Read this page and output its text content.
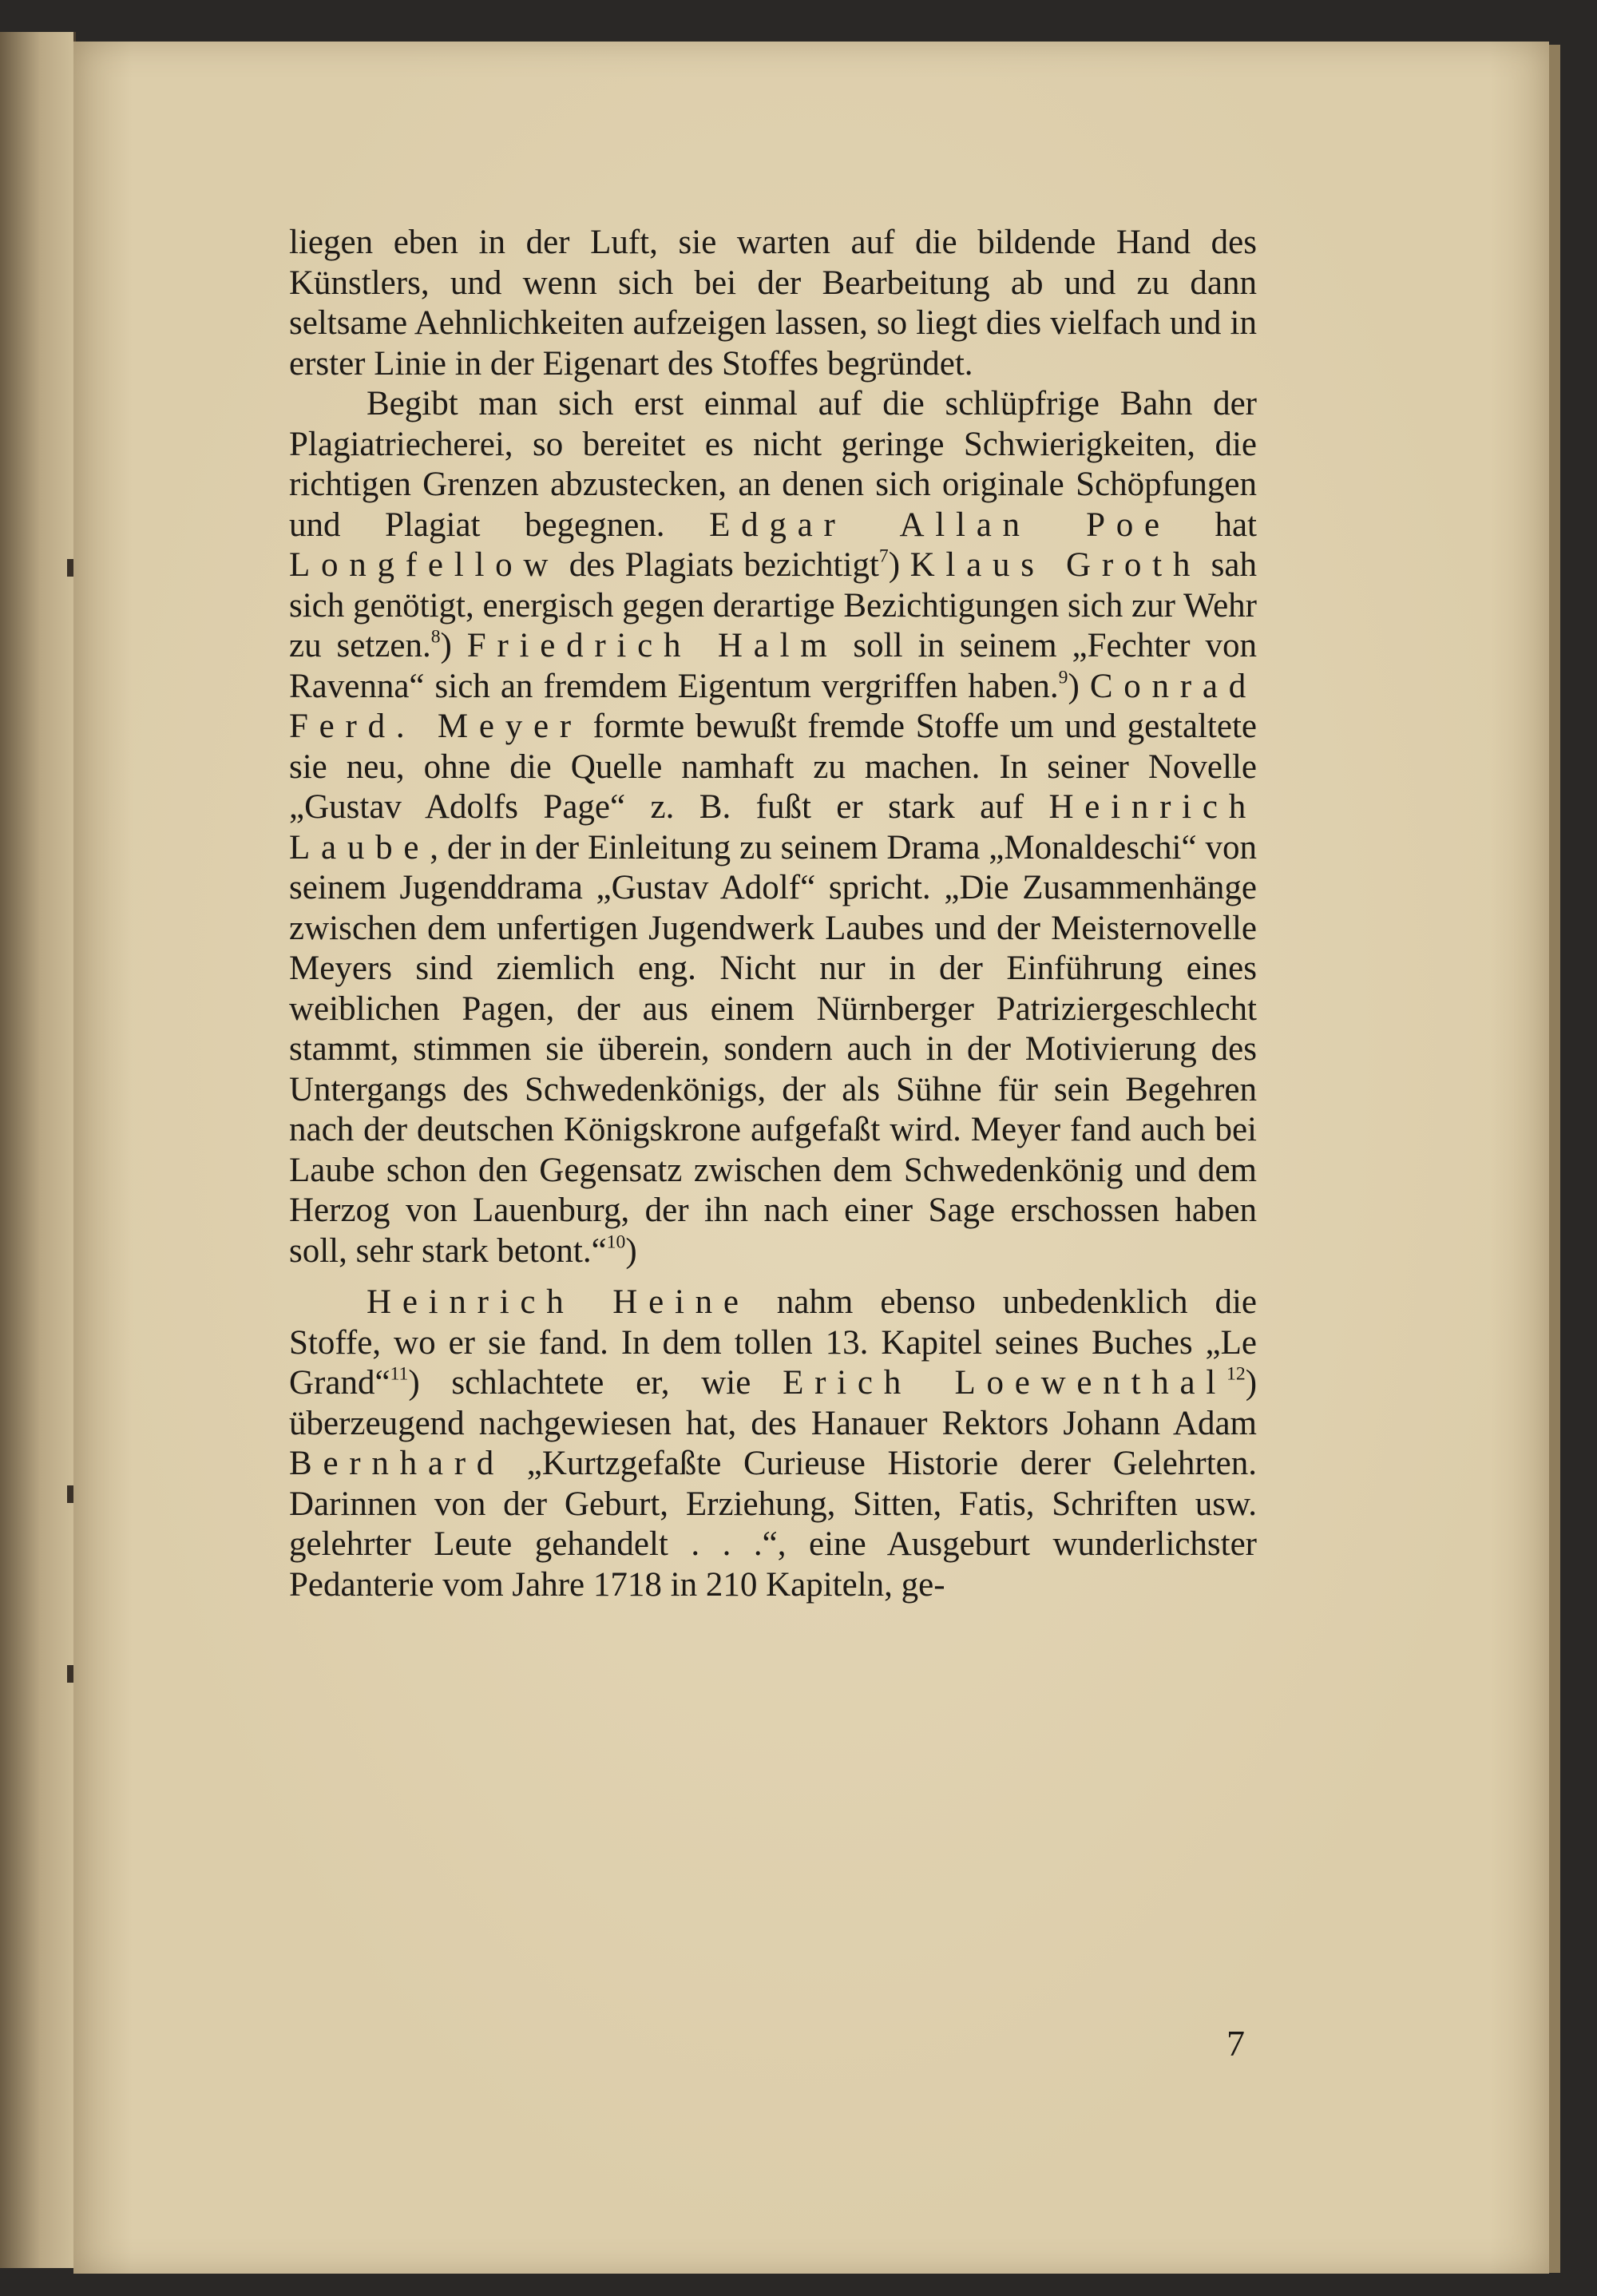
liegen eben in der Luft, sie warten auf die bildende Hand des Künstlers, und wenn sich bei der Bearbeitung ab und zu dann seltsame Aehnlichkeiten aufzeigen lassen, so liegt dies vielfach und in erster Linie in der Eigenart des Stoffes begründet.

Begibt man sich erst einmal auf die schlüpfrige Bahn der Plagiatriecherei, so bereitet es nicht geringe Schwierigkeiten, die richtigen Grenzen abzustecken, an denen sich originale Schöpfungen und Plagiat begegnen. Edgar Allan Poe hat Longfellow des Plagiats bezichtigt$^7$) Klaus Groth sah sich genötigt, energisch gegen derartige Bezichtigungen sich zur Wehr zu setzen.$^8$) Friedrich Halm soll in seinem „Fechter von Ravenna“ sich an fremdem Eigentum vergriffen haben.$^9$) Conrad Ferd. Meyer formte bewußt fremde Stoffe um und gestaltete sie neu, ohne die Quelle namhaft zu machen. In seiner Novelle „Gustav Adolfs Page“ z. B. fußt er stark auf Heinrich Laube, der in der Einleitung zu seinem Drama „Monaldeschi“ von seinem Jugenddrama „Gustav Adolf“ spricht. „Die Zusammenhänge zwischen dem unfertigen Jugendwerk Laubes und der Meisternovelle Meyers sind ziemlich eng. Nicht nur in der Einführung eines weiblichen Pagen, der aus einem Nürnberger Patriziergeschlecht stammt, stimmen sie überein, sondern auch in der Motivierung des Untergangs des Schwedenkönigs, der als Sühne für sein Begehren nach der deutschen Königskrone aufgefaßt wird. Meyer fand auch bei Laube schon den Gegensatz zwischen dem Schwedenkönig und dem Herzog von Lauenburg, der ihn nach einer Sage erschossen haben soll, sehr stark betont.“$^{10}$)

Heinrich Heine nahm ebenso unbedenklich die Stoffe, wo er sie fand. In dem tollen 13. Kapitel seines Buches „Le Grand“$^{11}$) schlachtete er, wie Erich Loewenthal$^{12}$) überzeugend nachgewiesen hat, des Hanauer Rektors Johann Adam Bernhard „Kurtzgefaßte Curieuse Historie derer Gelehrten. Darinnen von der Geburt, Erziehung, Sitten, Fatis, Schriften usw. gelehrter Leute gehandelt . . .“, eine Ausgeburt wunderlichster Pedanterie vom Jahre 1718 in 210 Kapiteln, ge-

7
